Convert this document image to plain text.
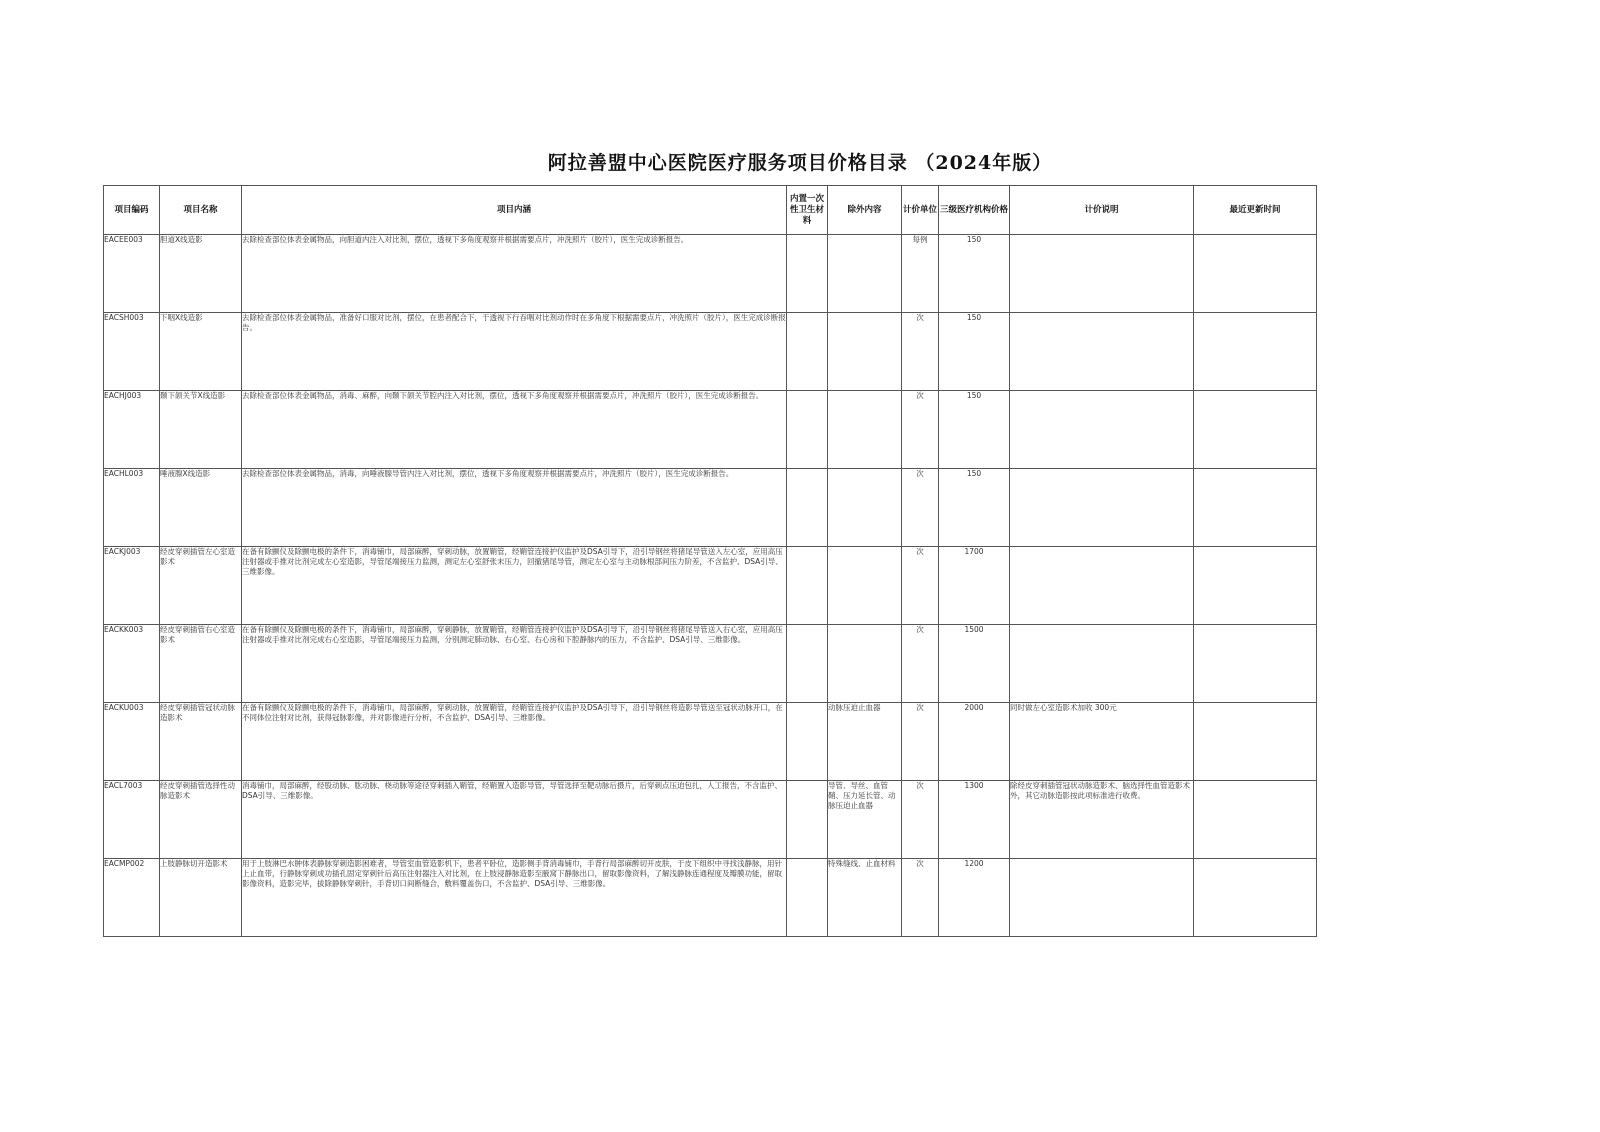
阿拉善盟中心医院医疗服务项目价格目录 （2024年版）
项目编码	项目名称	项目内涵	内置一次性卫生材料	除外内容	计价单位	三级医疗机构价格	计价说明	最近更新时间
EACEE003	胆道X线造影	去除检查部位体表金属物品，向胆道内注入对比剂，摆位，透视下多角度观察并根据需要点片，冲洗照片（胶片），医生完成诊断报告。			每例	150		
EACSH003	下咽X线造影	去除检查部位体表金属物品，准备好口服对比剂，摆位，在患者配合下，于透视下行吞咽对比剂动作时在多角度下根据需要点片，冲洗照片（胶片），医生完成诊断报告。			次	150		
EACHJ003	颞下颌关节X线造影	去除检查部位体表金属物品，消毒、麻醉，向颞下颌关节腔内注入对比剂，摆位，透视下多角度观察并根据需要点片，冲洗照片（胶片），医生完成诊断报告。			次	150		
EACHL003	唾液腺X线造影	去除检查部位体表金属物品，消毒，向唾液腺导管内注入对比剂，摆位，透视下多角度观察并根据需要点片，冲洗照片（胶片），医生完成诊断报告。			次	150		
EACKJ003	经皮穿刺插管左心室造影术	在备有除颤仪及除颤电极的条件下，消毒铺巾，局部麻醉，穿刺动脉，放置鞘管，经鞘管连接护仪监护及DSA引导下，沿引导钢丝将猪尾导管送入左心室，应用高压注射器或手推对比剂完成左心室造影，导管尾端接压力监测，测定左心室舒张末压力，回撤猪尾导管，测定左心室与主动脉根部间压力阶差，不含监护、DSA引导、三维影像。			次	1700		
EACKK003	经皮穿刺插管右心室造影术	在备有除颤仪及除颤电极的条件下，消毒铺巾，局部麻醉，穿刺静脉，放置鞘管，经鞘管连接护仪监护及DSA引导下，沿引导钢丝将猪尾导管送入右心室，应用高压注射器或手推对比剂完成右心室造影，导管尾端接压力监测，分别测定肺动脉、右心室、右心房和下腔静脉内的压力，不含监护、DSA引导、三维影像。			次	1500		
EACKU003	经皮穿刺插管冠状动脉造影术	在备有除颤仪及除颤电极的条件下，消毒铺巾，局部麻醉，穿刺动脉，放置鞘管，经鞘管连接护仪监护及DSA引导下，沿引导钢丝将造影导管送至冠状动脉开口，在不同体位注射对比剂，获得冠脉影像，并对影像进行分析，不含监护、DSA引导、三维影像。		动脉压迫止血器	次	2000	同时做左心室造影术加收 300元	
EACL7003	经皮穿刺插管选择性动脉造影术	消毒铺巾，局部麻醉，经股动脉、肱动脉、桡动脉等途径穿刺插入鞘管，经鞘置入造影导管，导管选择至靶动脉后摄片，后穿刺点压迫包扎，人工报告，不含监护、DSA引导、三维影像。		导管、导丝、血管鞘、压力延长管、动脉压迫止血器	次	1300	除经皮穿刺插管冠状动脉造影术、脑选择性血管造影术外，其它动脉造影按此项标准进行收费。	
EACMP002	上肢静脉切开造影术	用于上肢淋巴水肿体表静脉穿刺造影困难者，导管室血管造影机下，患者平卧位，造影侧手背消毒铺巾，手背行局部麻醉切开皮肤，于皮下组织中寻找浅静脉，用针上止血带，行静脉穿刺成功插孔固定穿刺针后高压注射器注入对比剂，在上肢浸静脉造影至腋窝下静脉出口，留取影像资料，了解浅静脉连通程度及瓣膜功能，留取影像资料，造影完毕，拔除静脉穿刺针，手背切口间断缝合，敷料覆盖伤口，不含监护、DSA引导、三维影像。		特殊缝线、止血材料	次	1200		
